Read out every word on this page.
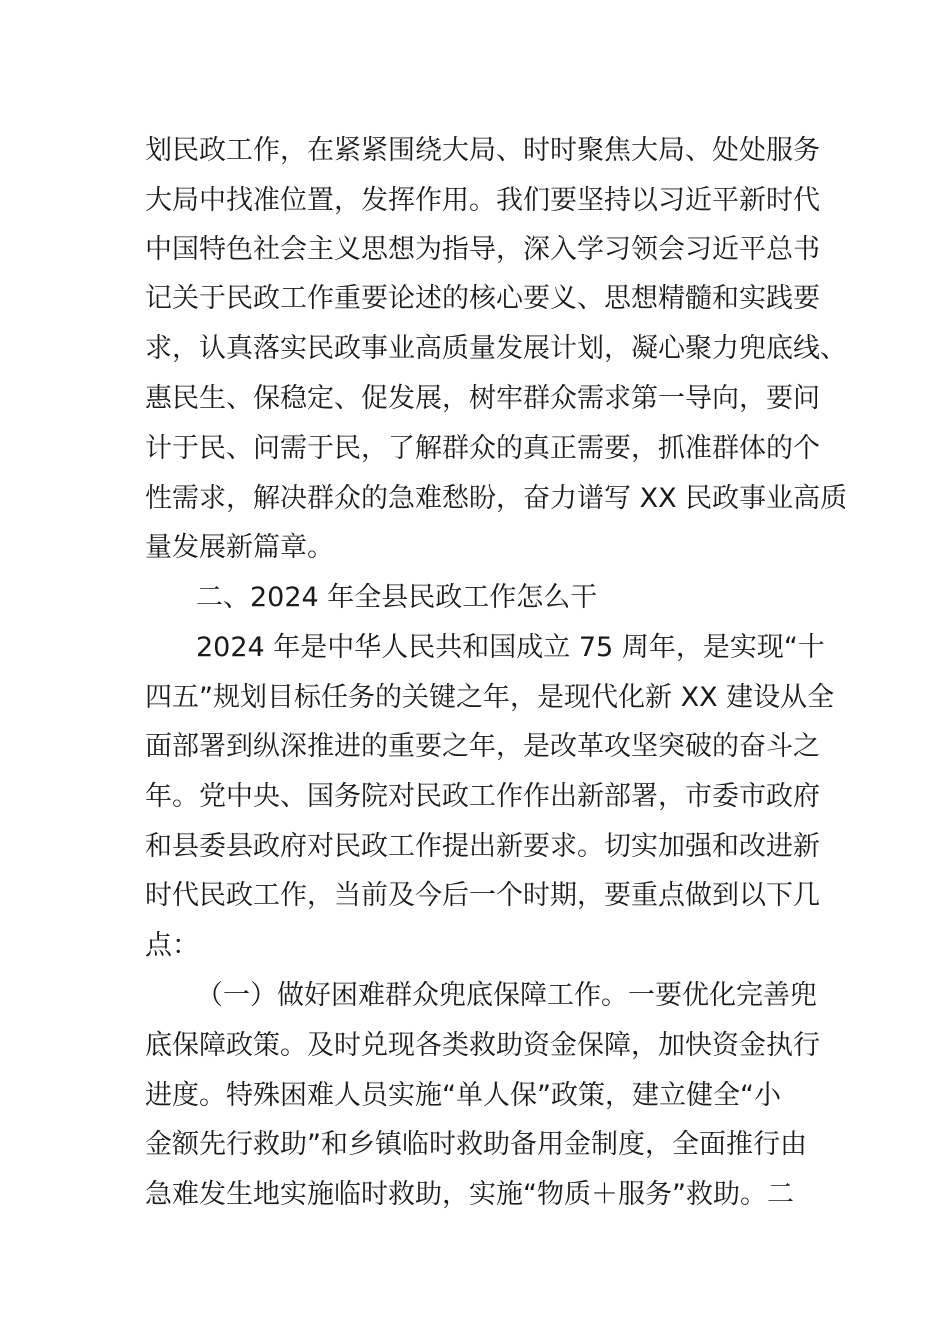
划民政工作，在紧紧围绕大局、时时聚焦大局、处处服务
大局中找准位置，发挥作用。我们要坚持以习近平新时代
中国特色社会主义思想为指导，深入学习领会习近平总书
记关于民政工作重要论述的核心要义、思想精髓和实践要
求，认真落实民政事业高质量发展计划，凝心聚力兜底线、
惠民生、保稳定、促发展，树牢群众需求第一导向，要问
计于民、问需于民，了解群众的真正需要，抓准群体的个
性需求，解决群众的急难愁盼，奋力谱写 XX 民政事业高质
量发展新篇章。
二、2024 年全县民政工作怎么干
2024 年是中华人民共和国成立 75 周年，是实现“十
四五”规划目标任务的关键之年，是现代化新 XX 建设从全
面部署到纵深推进的重要之年，是改革攻坚突破的奋斗之
年。党中央、国务院对民政工作作出新部署，市委市政府
和县委县政府对民政工作提出新要求。切实加强和改进新
时代民政工作，当前及今后一个时期，要重点做到以下几
点：
（一）做好困难群众兜底保障工作。一要优化完善兜
底保障政策。及时兑现各类救助资金保障，加快资金执行
进度。特殊困难人员实施“单人保”政策，建立健全“小
金额先行救助”和乡镇临时救助备用金制度，全面推行由
急难发生地实施临时救助，实施“物质＋服务”救助。二
